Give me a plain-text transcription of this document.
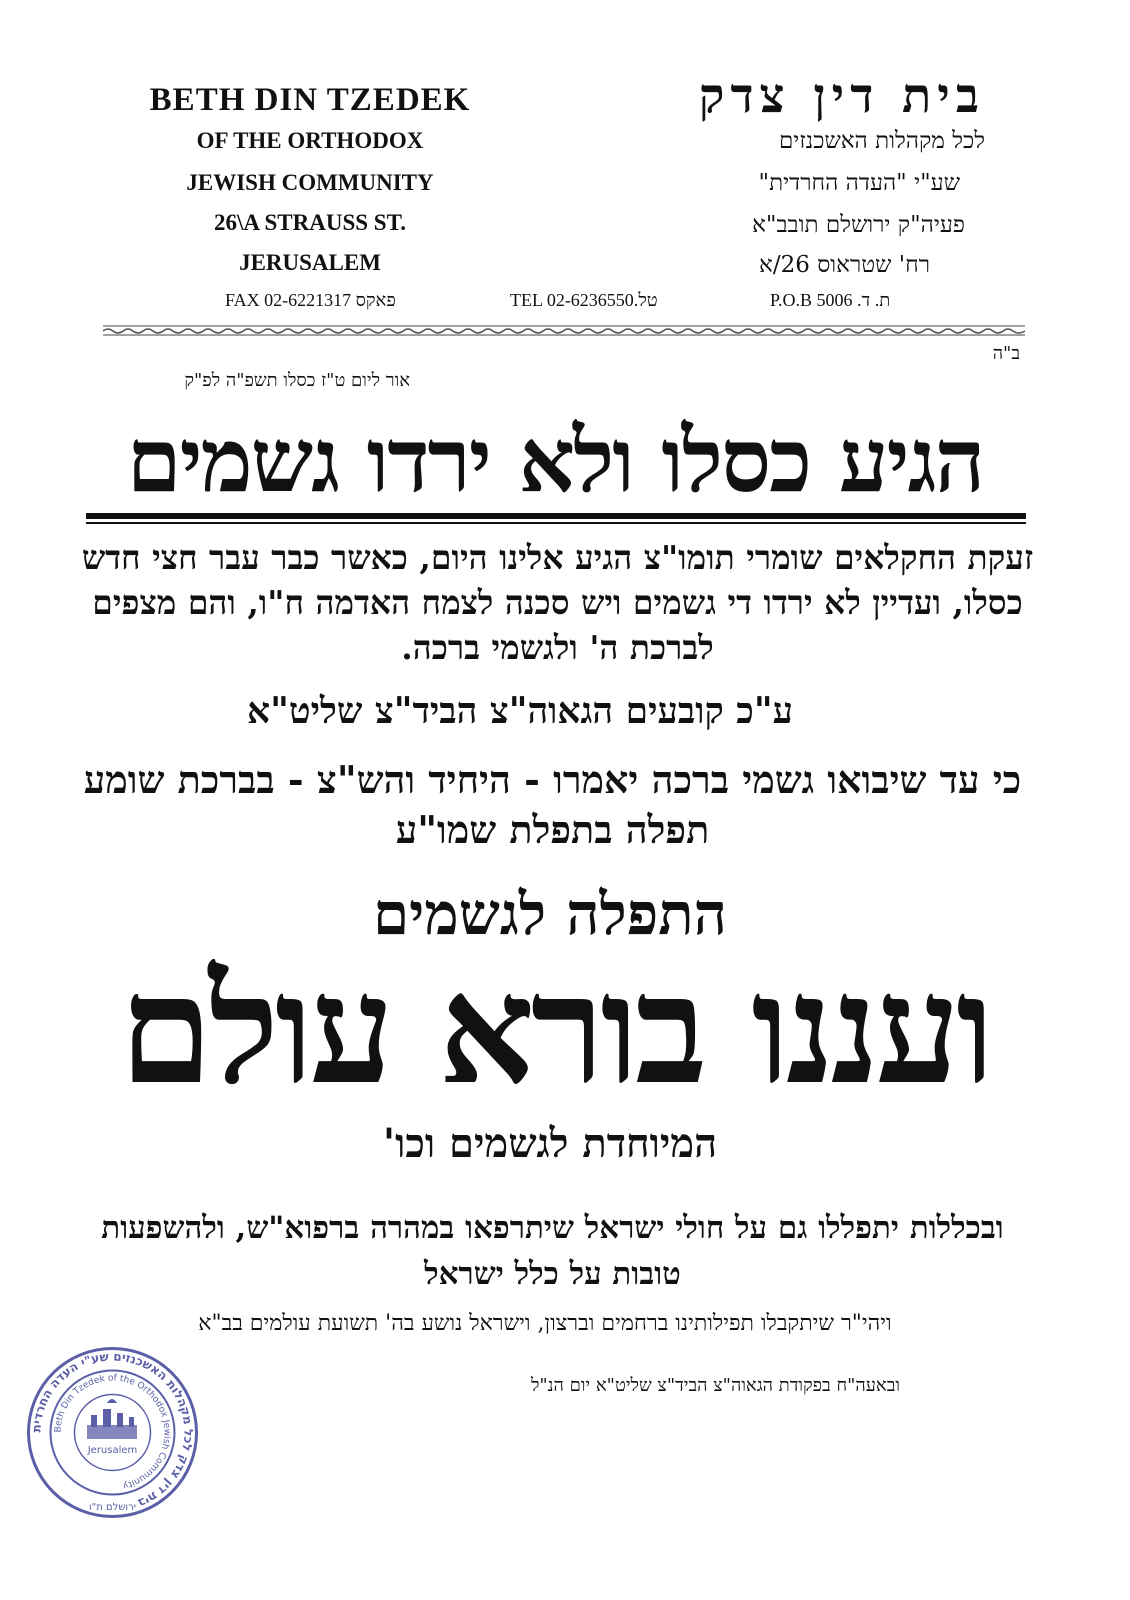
BETH DIN TZEDEK
OF THE ORTHODOX
JEWISH COMMUNITY
26\A STRAUSS ST.
JERUSALEM
בית דין צדק
לכל מקהלות האשכנזים
שע"י "העדה החרדית"
פעיה"ק ירושלם תובב"א
רח' שטראוס 26/א
FAX 02-6221317 פאקס	TEL 02-6236550.טל	P.O.B 5006 .ת. ד
ב"ה
אור ליום ט"ז כסלו תשפ"ה לפ"ק
הגיע כסלו ולא ירדו גשמים
זעקת החקלאים שומרי תומו"צ הגיע אלינו היום, כאשר כבר עבר חצי חדש כסלו, ועדיין לא ירדו די גשמים ויש סכנה לצמח האדמה ח"ו, והם מצפים לברכת ה' ולגשמי ברכה.
ע"כ קובעים הגאוה"צ הביד"צ שליט"א
כי עד שיבואו גשמי ברכה יאמרו - היחיד והש"צ - בברכת שומע תפלה בתפלת שמו"ע
התפלה לגשמים
ועננו בורא עולם
המיוחדת לגשמים וכו'
ובכללות יתפללו גם על חולי ישראל שיתרפאו במהרה ברפוא"ש, ולהשפעות טובות על כלל ישראל
ויהי"ר שיתקבלו תפילותינו ברחמים וברצון, וישראל נושע בה' תשועת עולמים בב"א
ובאעה"ח בפקודת הגאוה"צ הביד"צ שליט"א יום הנ"ל
בית דין צדק לכל מקהלות האשכנזים שע"י העדה החרדית
Beth Din Tzedek of the Orthodox Jewish Community
Jerusalem
ירושלם ת"ו
